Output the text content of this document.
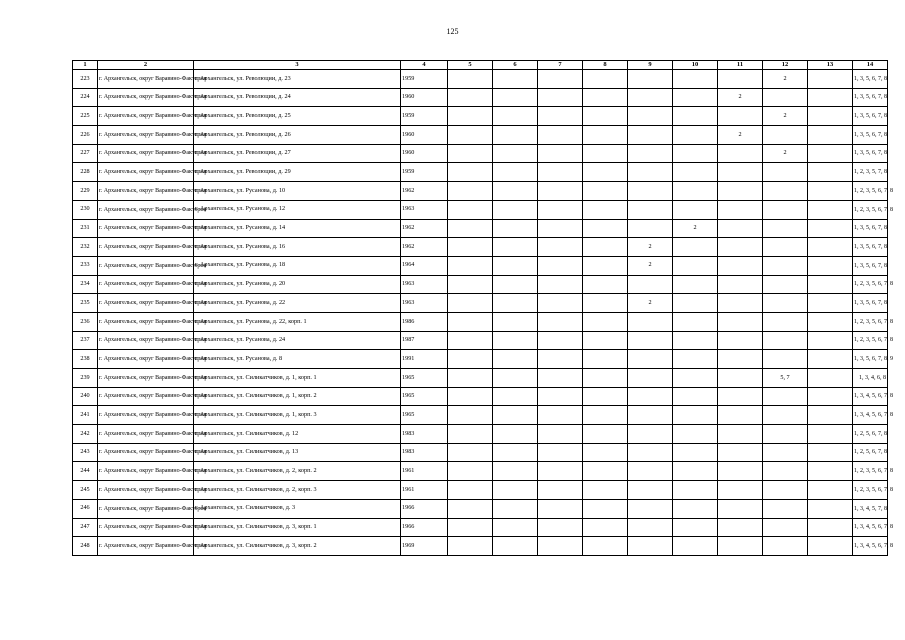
125
1	2	3	4	5	6	7	8	9	10	11	12	13	14
223	г. Архангельск, округ Варавино-Фактория	г. Архангельск, ул. Революции, д. 23	1959								2		1, 3, 5, 6, 7, 8
224	г. Архангельск, округ Варавино-Фактория	г. Архангельск, ул. Революции, д. 24	1960							2			1, 3, 5, 6, 7, 8
225	г. Архангельск, округ Варавино-Фактория	г. Архангельск, ул. Революции, д. 25	1959								2		1, 3, 5, 6, 7, 8
226	г. Архангельск, округ Варавино-Фактория	г. Архангельск, ул. Революции, д. 26	1960							2			1, 3, 5, 6, 7, 8
227	г. Архангельск, округ Варавино-Фактория	г. Архангельск, ул. Революции, д. 27	1960								2		1, 3, 5, 6, 7, 8
228	г. Архангельск, округ Варавино-Фактория	г. Архангельск, ул. Революции, д. 29	1959										1, 2, 3, 5, 7, 8
229	г. Архангельск, округ Варавино-Фактория	г. Архангельск, ул. Русанова, д. 10	1962										1, 2, 3, 5, 6, 7, 8
230	г. Архангельск, округ Варавино-Фактория	г. Архангельск, ул. Русанова, д. 12	1963										1, 2, 3, 5, 6, 7, 8
231	г. Архангельск, округ Варавино-Фактория	г. Архангельск, ул. Русанова, д. 14	1962						2				1, 3, 5, 6, 7, 8
232	г. Архангельск, округ Варавино-Фактория	г. Архангельск, ул. Русанова, д. 16	1962					2					1, 3, 5, 6, 7, 8
233	г. Архангельск, округ Варавино-Фактория	г. Архангельск, ул. Русанова, д. 18	1964					2					1, 3, 5, 6, 7, 8
234	г. Архангельск, округ Варавино-Фактория	г. Архангельск, ул. Русанова, д. 20	1963										1, 2, 3, 5, 6, 7, 8
235	г. Архангельск, округ Варавино-Фактория	г. Архангельск, ул. Русанова, д. 22	1963					2					1, 3, 5, 6, 7, 8
236	г. Архангельск, округ Варавино-Фактория	г. Архангельск, ул. Русанова, д. 22, корп. 1	1986										1, 2, 3, 5, 6, 7, 8
237	г. Архангельск, округ Варавино-Фактория	г. Архангельск, ул. Русанова, д. 24	1987										1, 2, 3, 5, 6, 7, 8
238	г. Архангельск, округ Варавино-Фактория	г. Архангельск, ул. Русанова, д. 8	1991										1, 3, 5, 6, 7, 8, 9
239	г. Архангельск, округ Варавино-Фактория	г. Архангельск, ул. Силикатчиков, д. 1, корп. 1	1965								5, 7		1, 3, 4, 6, 8
240	г. Архангельск, округ Варавино-Фактория	г. Архангельск, ул. Силикатчиков, д. 1, корп. 2	1965										1, 3, 4, 5, 6, 7, 8
241	г. Архангельск, округ Варавино-Фактория	г. Архангельск, ул. Силикатчиков, д. 1, корп. 3	1965										1, 3, 4, 5, 6, 7, 8
242	г. Архангельск, округ Варавино-Фактория	г. Архангельск, ул. Силикатчиков, д. 12	1983										1, 2, 5, 6, 7, 8
243	г. Архангельск, округ Варавино-Фактория	г. Архангельск, ул. Силикатчиков, д. 13	1983										1, 2, 5, 6, 7, 8
244	г. Архангельск, округ Варавино-Фактория	г. Архангельск, ул. Силикатчиков, д. 2, корп. 2	1961										1, 2, 3, 5, 6, 7, 8
245	г. Архангельск, округ Варавино-Фактория	г. Архангельск, ул. Силикатчиков, д. 2, корп. 3	1961										1, 2, 3, 5, 6, 7, 8
246	г. Архангельск, округ Варавино-Фактория	г. Архангельск, ул. Силикатчиков, д. 3	1966										1, 3, 4, 5, 7, 8
247	г. Архангельск, округ Варавино-Фактория	г. Архангельск, ул. Силикатчиков, д. 3, корп. 1	1966										1, 3, 4, 5, 6, 7, 8
248	г. Архангельск, округ Варавино-Фактория	г. Архангельск, ул. Силикатчиков, д. 3, корп. 2	1969										1, 3, 4, 5, 6, 7, 8
